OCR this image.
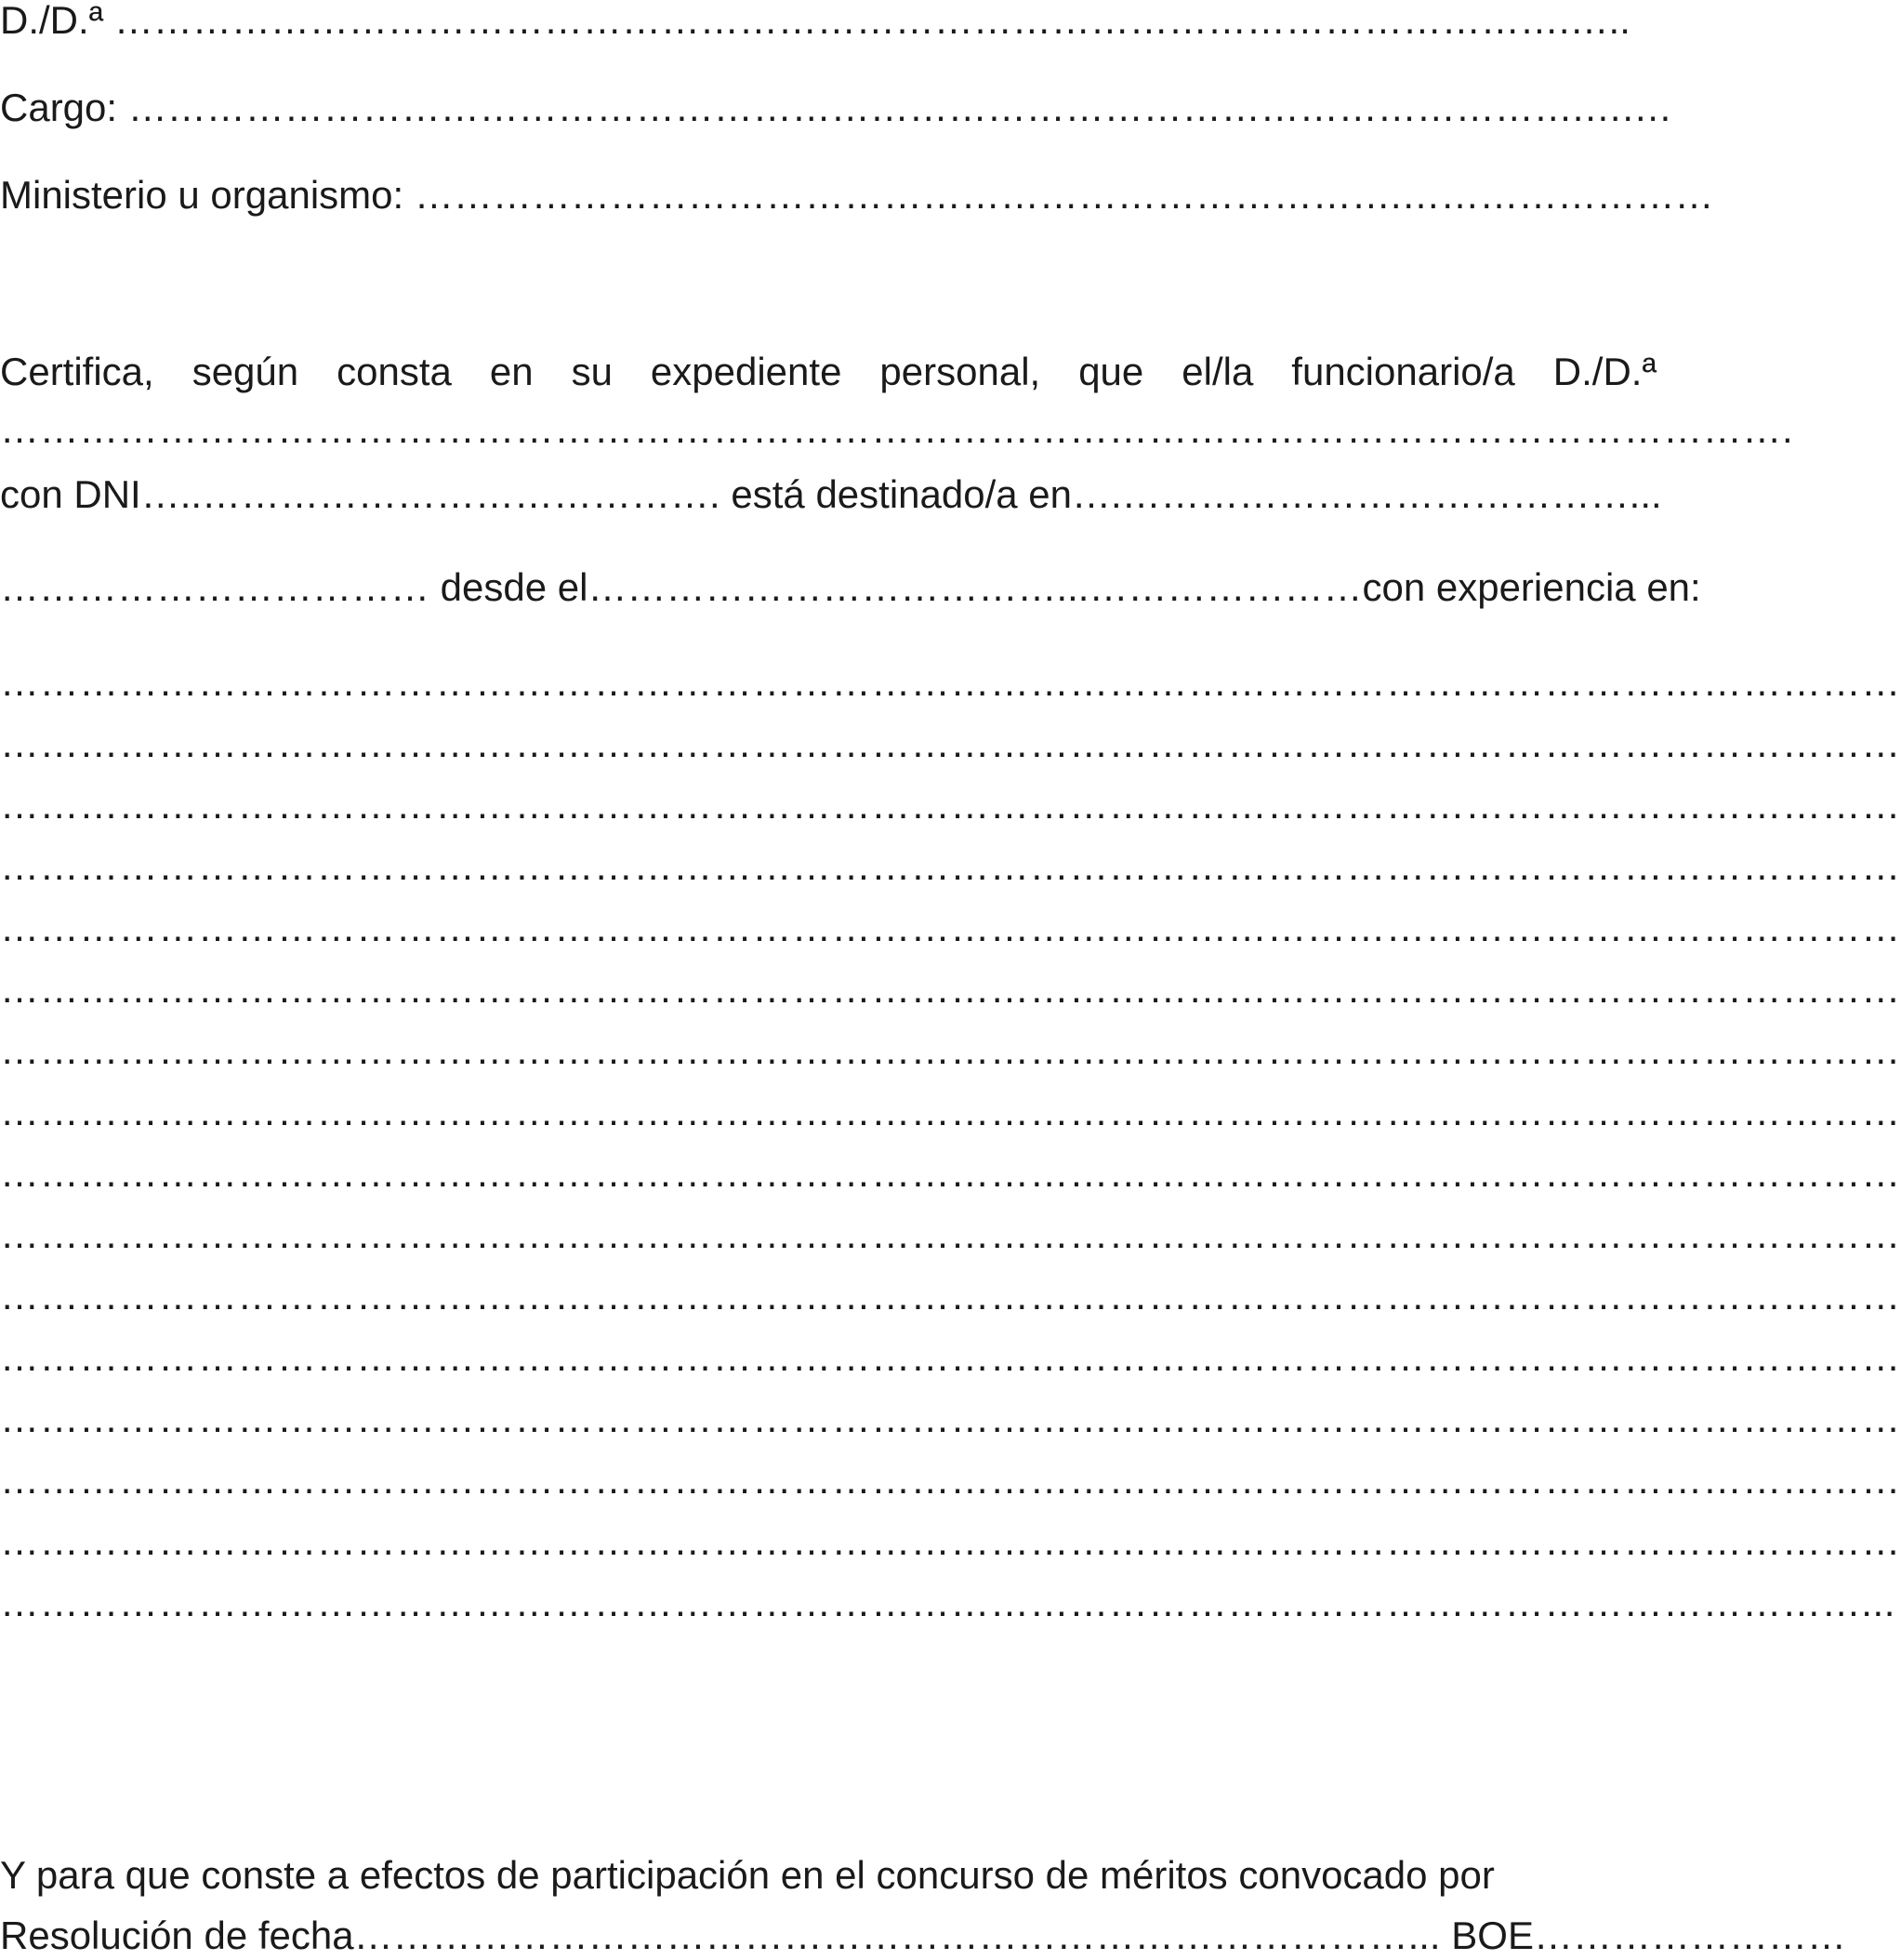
D./D.ª ………………………………………………………………………………………………….…..

Cargo: ………………………………………………………………………………………………….….…

Ministerio u organismo: ………………………………………………………………….……………………

Certifica, según consta en su expediente personal, que el/la funcionario/a D./D.ª

……………………………………………………………………………………………………………………….

con DNI…..…………………………………. está destinado/a en….…………………………………...

…………………………… desde el………………………………...…………………con experiencia en:

………………………………………………………………………………………………………………………………

………………………………………………………………………………………………………………………………

………………………………………………………………………………………………………………………………

………………………………………………………………………………………………………………………………

………………………………………………………………………………………………………………………………

………………………………………………………………………………………………………………………………

………………………………………………………………………………………………………………………………

………………………………………………………………………………………………………………………………

………………………………………………………………………………………………………………………………

………………………………………………………………………………………………………………………………

………………………………………………………………………………………………………………………………

………………………………………………………………………………………………………………………………

………………………………………………………………………………………………………………………………

………………………………………………………………………………………………………………………………

………………………………………………………………………………………………………………………………

……………………………………………………………………………………………………………………………...

Y para que conste a efectos de participación en el concurso de méritos convocado por

Resolución de fecha………………………………………………………………………... BOE……………………
